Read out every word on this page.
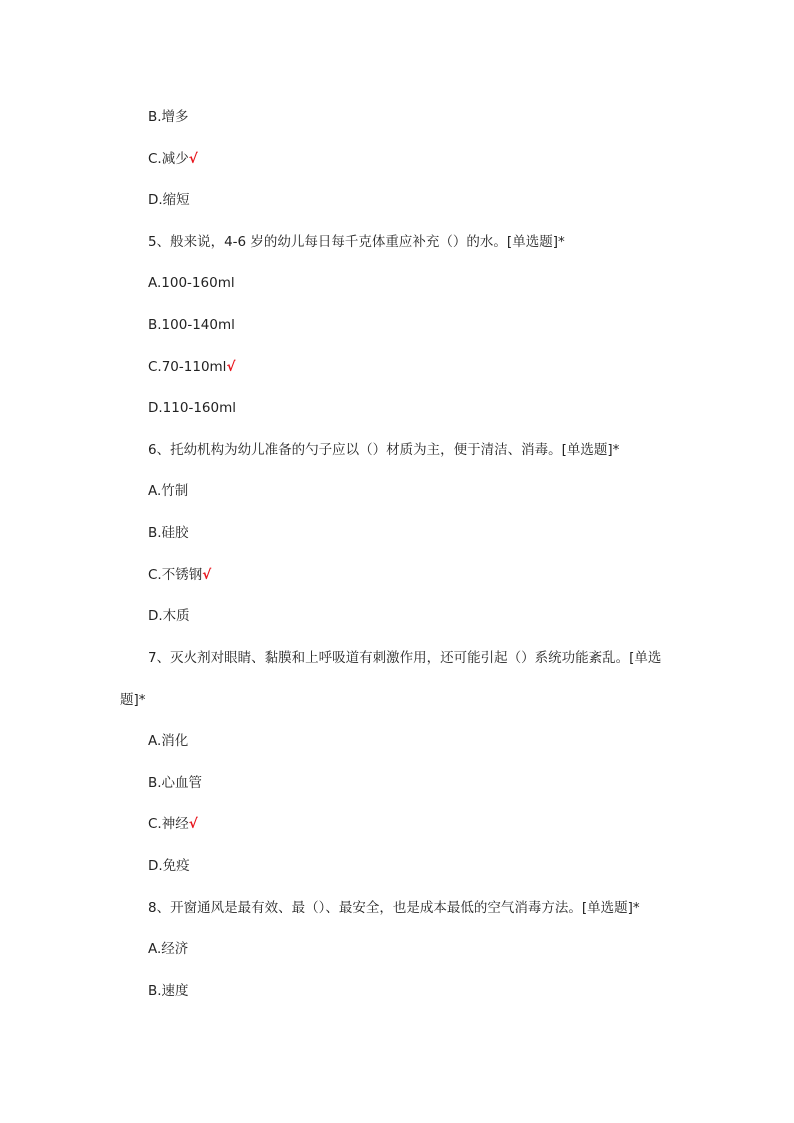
B.增多
C.减少√
D.缩短
5、般来说，4-6 岁的幼儿每日每千克体重应补充（）的水。[单选题]*
A.100-160ml
B.100-140ml
C.70-110ml√
D.110-160ml
6、托幼机构为幼儿准备的勺子应以（）材质为主，便于清洁、消毒。[单选题]*
A.竹制
B.硅胶
C.不锈钢√
D.木质
7、灭火剂对眼睛、黏膜和上呼吸道有刺激作用，还可能引起（）系统功能紊乱。[单选
题]*
A.消化
B.心血管
C.神经√
D.免疫
8、开窗通风是最有效、最（）、最安全，也是成本最低的空气消毒方法。[单选题]*
A.经济
B.速度
